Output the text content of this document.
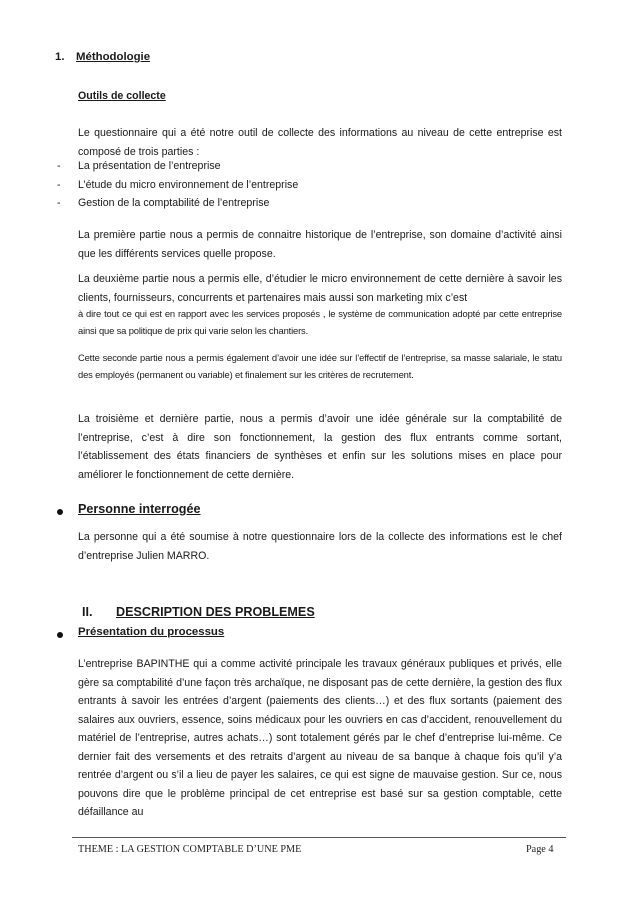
1. Méthodologie
Outils de collecte

Le questionnaire qui a été notre outil de collecte des informations au niveau de cette entreprise est composé de trois parties :

- La présentation de l’entreprise
- L’étude du micro environnement de l’entreprise
- Gestion de la comptabilité de l’entreprise

La première partie nous a permis de connaitre historique de l’entreprise, son domaine d’activité ainsi que les différents services quelle propose.

La deuxième partie nous a permis elle, d’étudier le micro environnement de cette dernière à savoir les clients, fournisseurs, concurrents et partenaires mais aussi son marketing mix c’est

à dire tout ce qui est en rapport avec les services proposés , le système de communication adopté par cette entreprise ainsi que sa politique de prix qui varie selon les chantiers.

Cette seconde partie nous a permis également d’avoir une idée sur l’effectif de l’entreprise, sa masse salariale, le statu des employés (permanent ou variable) et finalement sur les critères de recrutement.

La troisième et dernière partie, nous a permis d’avoir une idée générale sur la comptabilité de l’entreprise, c’est à dire son fonctionnement, la gestion des flux entrants comme sortant, l’établissement des états financiers de synthèses et enfin sur les solutions mises en place pour améliorer le fonctionnement de cette dernière.

Personne interrogée

La personne qui a été soumise à notre questionnaire lors de la collecte des informations est le chef d’entreprise Julien MARRO.

II. DESCRIPTION DES PROBLEMES
Présentation du processus

L’entreprise BAPINTHE qui a comme activité principale les travaux généraux publiques et privés, elle gère sa comptabilité d’une façon très archaïque, ne disposant pas de cette dernière, la gestion des flux entrants à savoir les entrées d’argent (paiements des clients…) et des flux sortants (paiement des salaires aux ouvriers, essence, soins médicaux pour les ouvriers en cas d’accident, renouvellement du matériel de l’entreprise, autres achats…) sont totalement gérés par le chef d’entreprise lui-même. Ce dernier fait des versements et des retraits d’argent au niveau de sa banque à chaque fois qu’il y’a rentrée d’argent ou s’il a lieu de payer les salaires, ce qui est signe de mauvaise gestion. Sur ce, nous pouvons dire que le problème principal de cet entreprise est basé sur sa gestion comptable, cette défaillance au

THEME : LA GESTION COMPTABLE D’UNE PME	Page 4
